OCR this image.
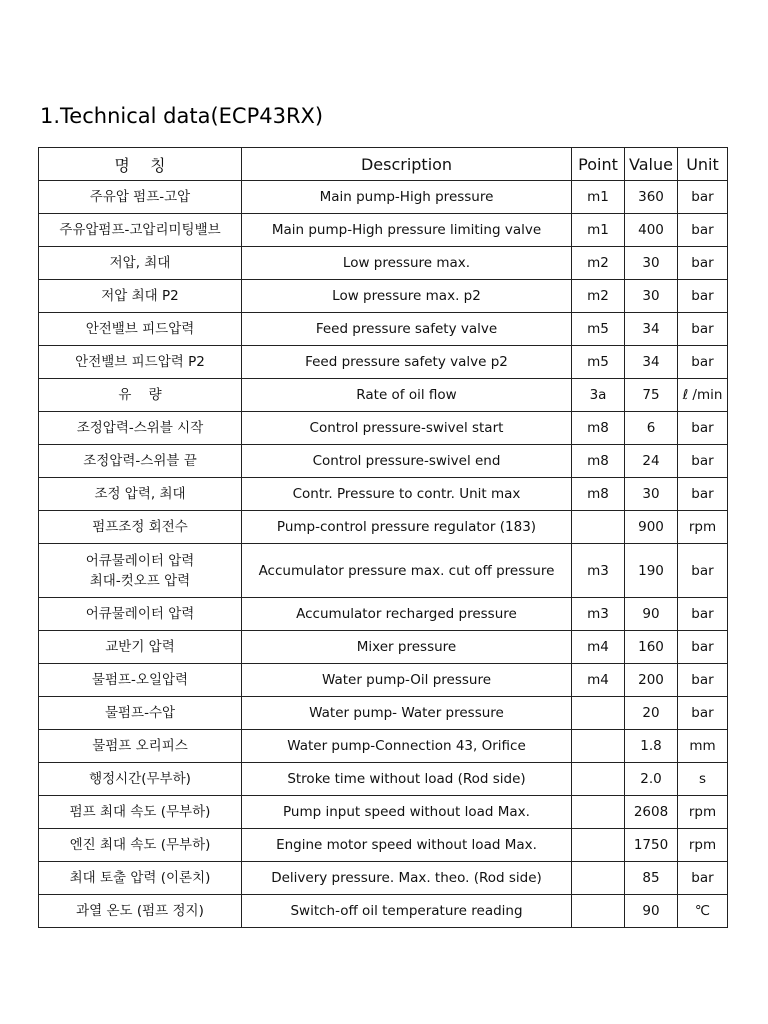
1.Technical data(ECP43RX)
명    칭	Description	Point	Value	Unit

주유압 펌프-고압	Main pump-High pressure	m1	360	bar

주유압펌프-고압리미팅밸브	Main pump-High pressure limiting valve	m1	400	bar

저압, 최대	Low pressure max.	m2	30	bar

저압 최대 P2	Low pressure max. p2	m2	30	bar

안전밸브 피드압력	Feed pressure safety valve	m5	34	bar

안전밸브 피드압력 P2	Feed pressure safety valve p2	m5	34	bar

유    량	Rate of oil flow	3a	75	ℓ /min

조정압력-스위블 시작	Control pressure-swivel start	m8	6	bar

조정압력-스위블 끝	Control pressure-swivel end	m8	24	bar

조정 압력, 최대	Contr. Pressure to contr. Unit max	m8	30	bar

펌프조정 회전수	Pump-control pressure regulator (183)		900	rpm

어큐물레이터 압력
최대-컷오프 압력	Accumulator pressure max. cut off pressure	m3	190	bar

어큐물레이터 압력	Accumulator recharged pressure	m3	90	bar

교반기 압력	Mixer pressure	m4	160	bar

물펌프-오일압력	Water pump-Oil pressure	m4	200	bar

물펌프-수압	Water pump- Water pressure		20	bar

물펌프 오리피스	Water pump-Connection 43, Orifice		1.8	mm

행정시간(무부하)	Stroke time without load (Rod side)		2.0	s

펌프 최대 속도 (무부하)	Pump input speed without load Max.		2608	rpm

엔진 최대 속도 (무부하)	Engine motor speed without load Max.		1750	rpm

최대 토출 압력 (이론치)	Delivery pressure. Max. theo. (Rod side)		85	bar

과열 온도 (펌프 정지)	Switch-off oil temperature reading		90	℃
